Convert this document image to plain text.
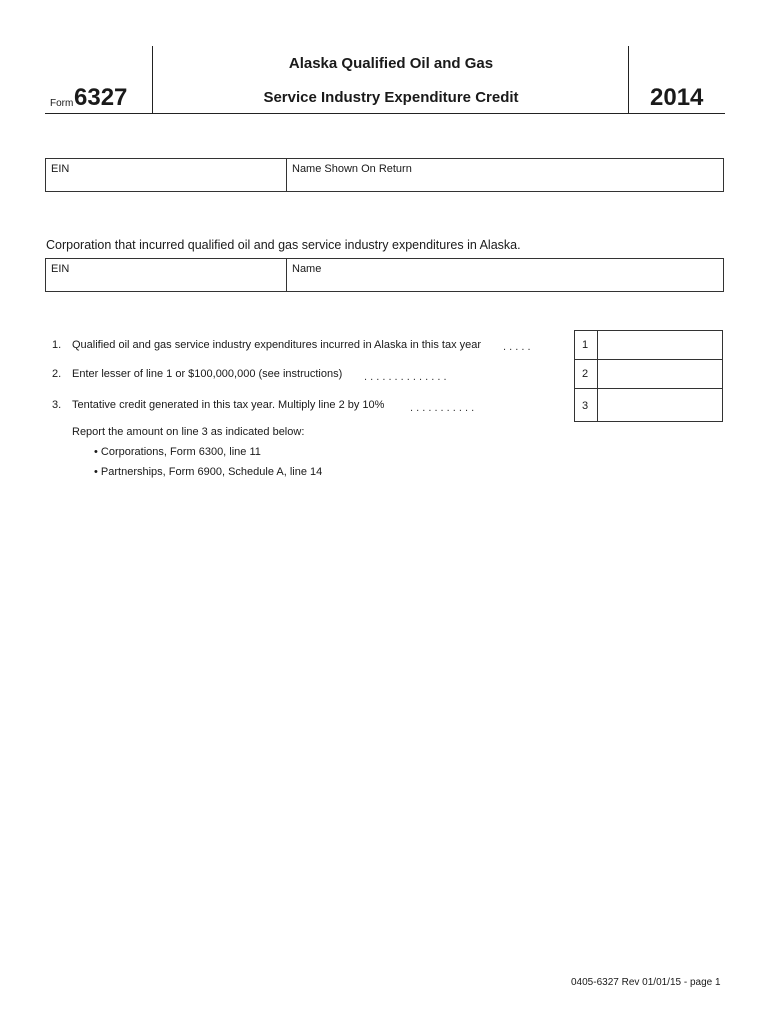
Form 6327
Alaska Qualified Oil and Gas
Service Industry Expenditure Credit	2014
EIN	Name Shown On Return
Corporation that incurred qualified oil and gas service industry expenditures in Alaska.
EIN	Name
1. Qualified oil and gas service industry expenditures incurred in Alaska in this tax year . . . . .	1
2. Enter lesser of line 1 or $100,000,000 (see instructions) . . . . . . . . . . . . . .	2
3. Tentative credit generated in this tax year. Multiply line 2 by 10% . . . . . . . . . . .	3
Report the amount on line 3 as indicated below:
• Corporations, Form 6300, line 11
• Partnerships, Form 6900, Schedule A, line 14
0405-6327 Rev 01/01/15 - page 1
